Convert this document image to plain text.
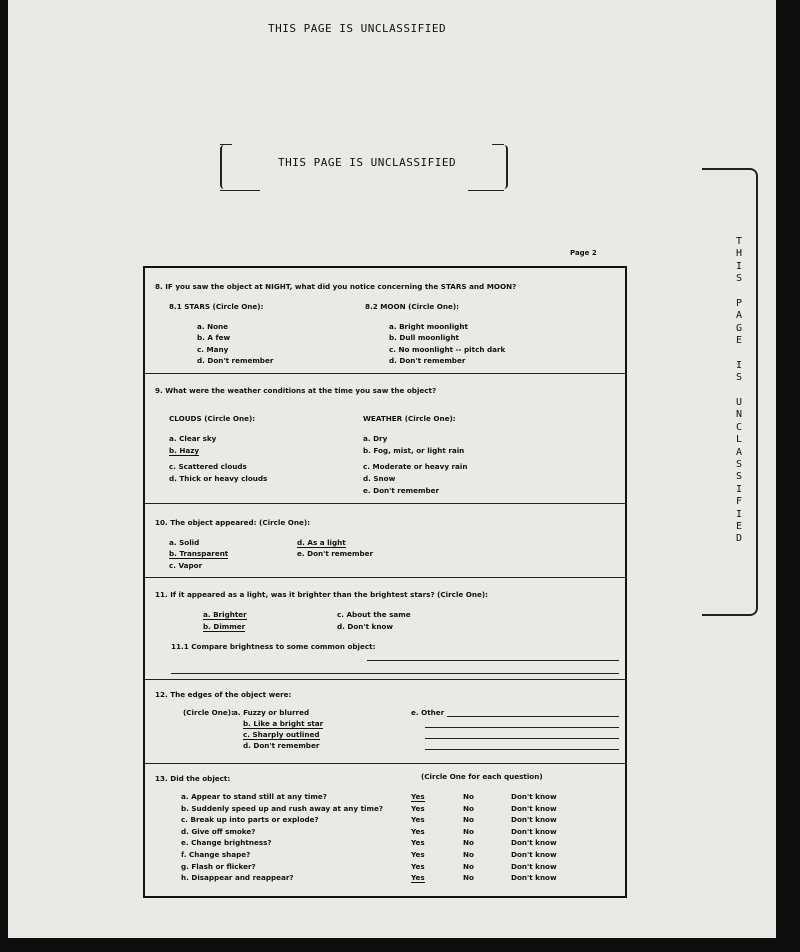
THIS PAGE IS UNCLASSIFIED
THIS PAGE IS UNCLASSIFIED
T
H
I
S
P
A
G
E
I
S
U
N
C
L
A
S
S
I
F
I
E
D
Page 2
8. IF you saw the object at NIGHT, what did you notice concerning the STARS and MOON?
8.1 STARS (Circle One):
a. None
b. A few
c. Many
d. Don't remember
8.2 MOON (Circle One):
a. Bright moonlight
b. Dull moonlight
c. No moonlight -- pitch dark
d. Don't remember
9. What were the weather conditions at the time you saw the object?
CLOUDS (Circle One):
a. Clear sky
b. Hazy
c. Scattered clouds
d. Thick or heavy clouds
WEATHER (Circle One):
a. Dry
b. Fog, mist, or light rain
c. Moderate or heavy rain
d. Snow
e. Don't remember
10. The object appeared: (Circle One):
a. Solid
b. Transparent
c. Vapor
d. As a light
e. Don't remember
11. If it appeared as a light, was it brighter than the brightest stars? (Circle One):
a. Brighter
b. Dimmer
c. About the same
d. Don't know
11.1 Compare brightness to some common object:
12. The edges of the object were:
(Circle One): a. Fuzzy or blurred
b. Like a bright star
c. Sharply outlined
d. Don't remember
e. Other
13. Did the object:	(Circle One for each question)
a. Appear to stand still at any time?	Yes	No	Don't know
b. Suddenly speed up and rush away at any time?	Yes	No	Don't know
c. Break up into parts or explode?	Yes	No	Don't know
d. Give off smoke?	Yes	No	Don't know
e. Change brightness?	Yes	No	Don't know
f. Change shape?	Yes	No	Don't know
g. Flash or flicker?	Yes	No	Don't know
h. Disappear and reappear?	Yes	No	Don't know
